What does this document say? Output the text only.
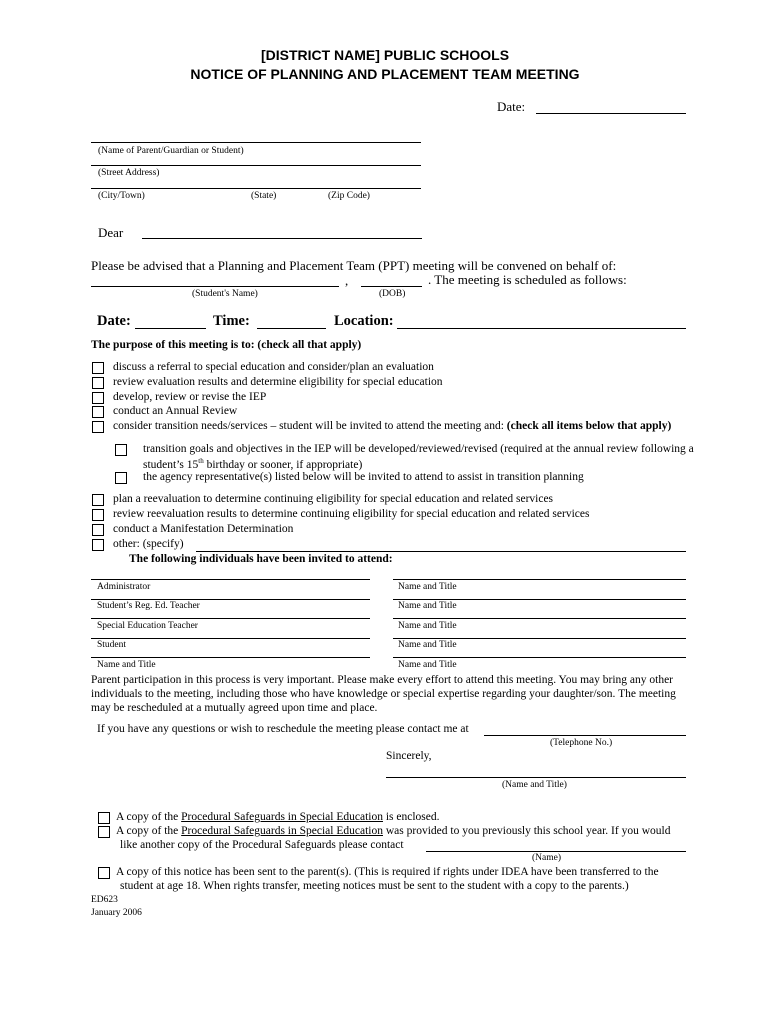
[DISTRICT NAME] PUBLIC SCHOOLS
NOTICE OF PLANNING AND PLACEMENT TEAM MEETING
Date:
(Name of Parent/Guardian or Student)
(Street Address)
(City/Town)	(State)	(Zip Code)
Dear
Please be advised that a Planning and Placement Team (PPT) meeting will be convened on behalf of:
,	. The meeting is scheduled as follows:
(Student's Name)	(DOB)
Date:	Time:	Location:
The purpose of this meeting is to: (check all that apply)
discuss a referral to special education and consider/plan an evaluation
review evaluation results and determine eligibility for special education
develop, review or revise the IEP
conduct an Annual Review
consider transition needs/services – student will be invited to attend the meeting and: (check all items below that apply)
transition goals and objectives in the IEP will be developed/reviewed/revised (required at the annual review following a
student’s 15th birthday or sooner, if appropriate)
the agency representative(s) listed below will be invited to attend to assist in transition planning
plan a reevaluation to determine continuing eligibility for special education and related services
review reevaluation results to determine continuing eligibility for special education and related services
conduct a Manifestation Determination
other: (specify)
The following individuals have been invited to attend:
Administrator	Name and Title
Student’s Reg. Ed. Teacher	Name and Title
Special Education Teacher	Name and Title
Student	Name and Title
Name and Title	Name and Title
Parent participation in this process is very important. Please make every effort to attend this meeting. You may bring any other
individuals to the meeting, including those who have knowledge or special expertise regarding your daughter/son. The meeting
may be rescheduled at a mutually agreed upon time and place.
If you have any questions or wish to reschedule the meeting please contact me at
(Telephone No.)
Sincerely,
(Name and Title)
A copy of the Procedural Safeguards in Special Education is enclosed.
A copy of the Procedural Safeguards in Special Education was provided to you previously this school year. If you would
like another copy of the Procedural Safeguards please contact
(Name)
A copy of this notice has been sent to the parent(s). (This is required if rights under IDEA have been transferred to the
student at age 18. When rights transfer, meeting notices must be sent to the student with a copy to the parents.)
ED623
January 2006
